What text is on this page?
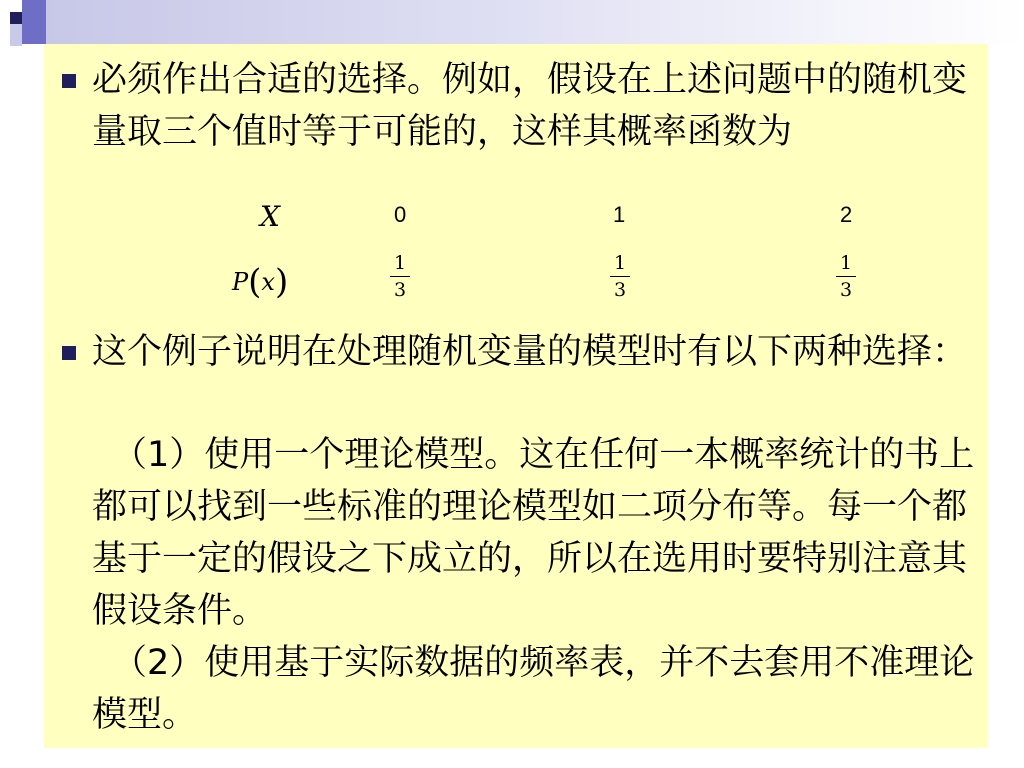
必须作出合适的选择。例如，假设在上述问题中的随机变量取三个值时等于可能的，这样其概率函数为

X
P(x)
0	1	2
1
3
1
3
1
3

这个例子说明在处理随机变量的模型时有以下两种选择：

（1）使用一个理论模型。这在任何一本概率统计的书上都可以找到一些标准的理论模型如二项分布等。每一个都基于一定的假设之下成立的，所以在选用时要特别注意其假设条件。

（2）使用基于实际数据的频率表，并不去套用不准理论模型。
